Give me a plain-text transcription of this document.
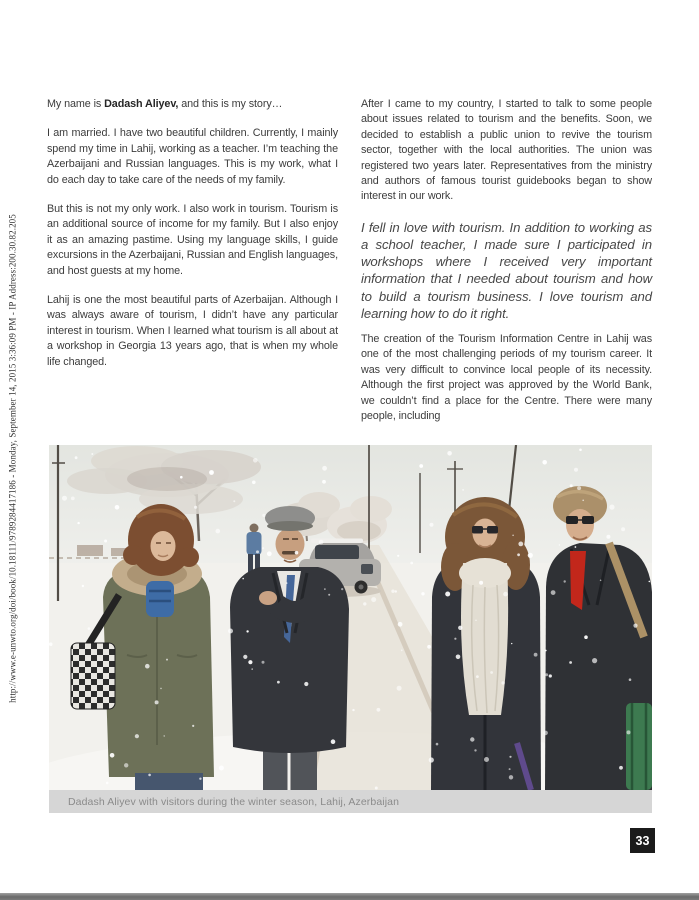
http://www.e-unwto.org/doi/book/10.18111/9789284417186 - Monday, September 14, 2015 3:36:09 PM - IP Address:200.30.82.205

My name is Dadash Aliyev, and this is my story…

I am married. I have two beautiful children. Currently, I mainly spend my time in Lahij, working as a teacher. I’m teaching the Azerbaijani and Russian languages. This is my work, what I do each day to take care of the needs of my family.

But this is not my only work. I also work in tourism. Tourism is an additional source of income for my family. But I also enjoy it as an amazing pastime. Using my language skills, I guide excursions in the Azerbaijani, Russian and English languages, and host guests at my home.

Lahij is one the most beautiful parts of Azerbaijan. Although I was always aware of tourism, I didn’t have any particular interest in tourism. When I learned what tourism is all about at a workshop in Georgia 13 years ago, that is when my whole life changed.

After I came to my country, I started to talk to some people about issues related to tourism and the benefits. Soon, we decided to establish a public union to revive the tourism sector, together with the local authorities. The union was registered two years later. Representatives from the ministry and authors of famous tourist guidebooks began to show interest in our work.

I fell in love with tourism. In addition to working as a school teacher, I made sure I participated in workshops where I received very important information that I needed about tourism and how to build a tourism business. I love tourism and learning how to do it right.

The creation of the Tourism Information Centre in Lahij was one of the most challenging periods of my tourism career. It was very difficult to convince local people of its necessity. Although the first project was approved by the World Bank, we couldn’t find a place for the Centre. There were many people, including

Dadash Aliyev with visitors during the winter season, Lahij, Azerbaijan
33
